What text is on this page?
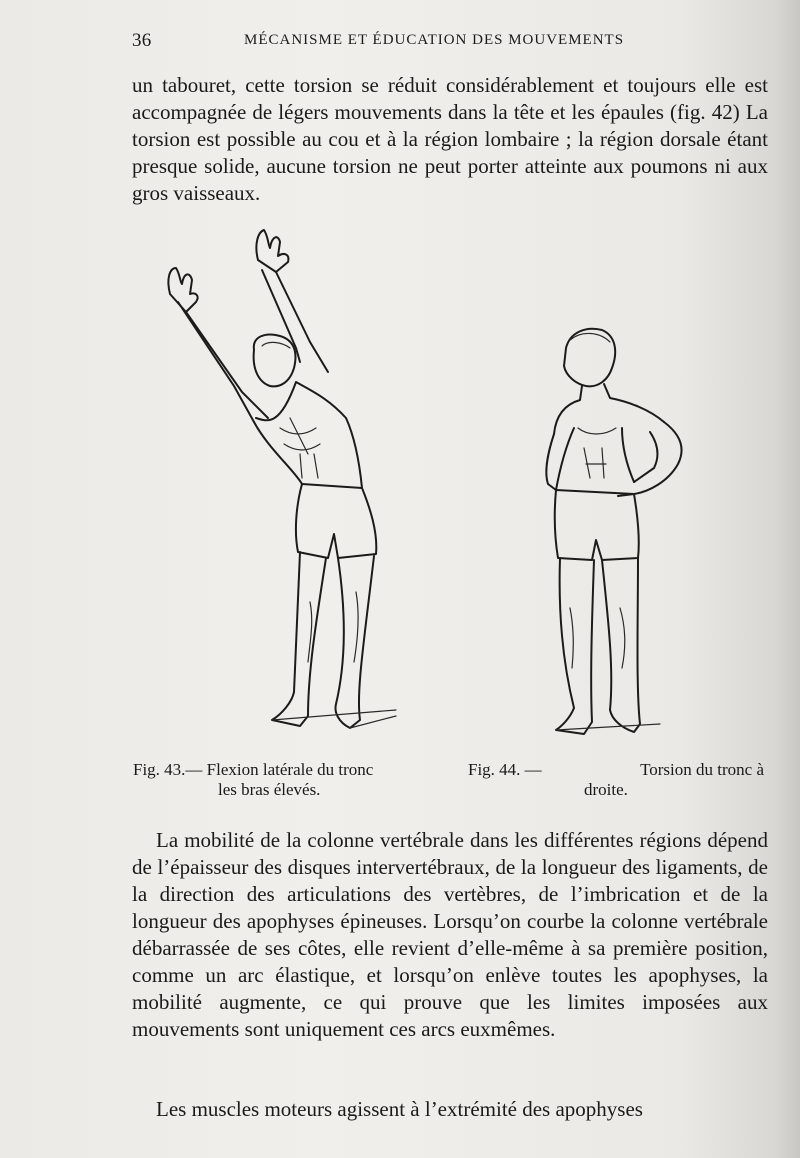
36	MÉCANISME ET ÉDUCATION DES MOUVEMENTS

un tabouret, cette torsion se réduit considérablement et toujours elle est accompagnée de légers mouvements dans la tête et les épaules (fig. 42) La torsion est possible au cou et à la région lombaire ; la région dorsale étant presque solide, aucune torsion ne peut porter atteinte aux poumons ni aux gros vaisseaux.

Fig. 43.— Flexion latérale du tronc
les bras élevés.
Fig. 44. —	Torsion du tronc à
droite.

La mobilité de la colonne vertébrale dans les différentes régions dépend de l’épaisseur des disques intervertébraux, de la longueur des ligaments, de la direction des articulations des vertèbres, de l’imbrication et de la longueur des apophyses épineuses. Lorsqu’on courbe la colonne vertébrale débarrassée de ses côtes, elle revient d’elle-même à sa première position, comme un arc élastique, et lorsqu’on enlève toutes les apophyses, la mobilité augmente, ce qui prouve que les limites imposées aux mouvements sont uniquement ces arcs euxmêmes.

Les muscles moteurs agissent à l’extrémité des apophyses
